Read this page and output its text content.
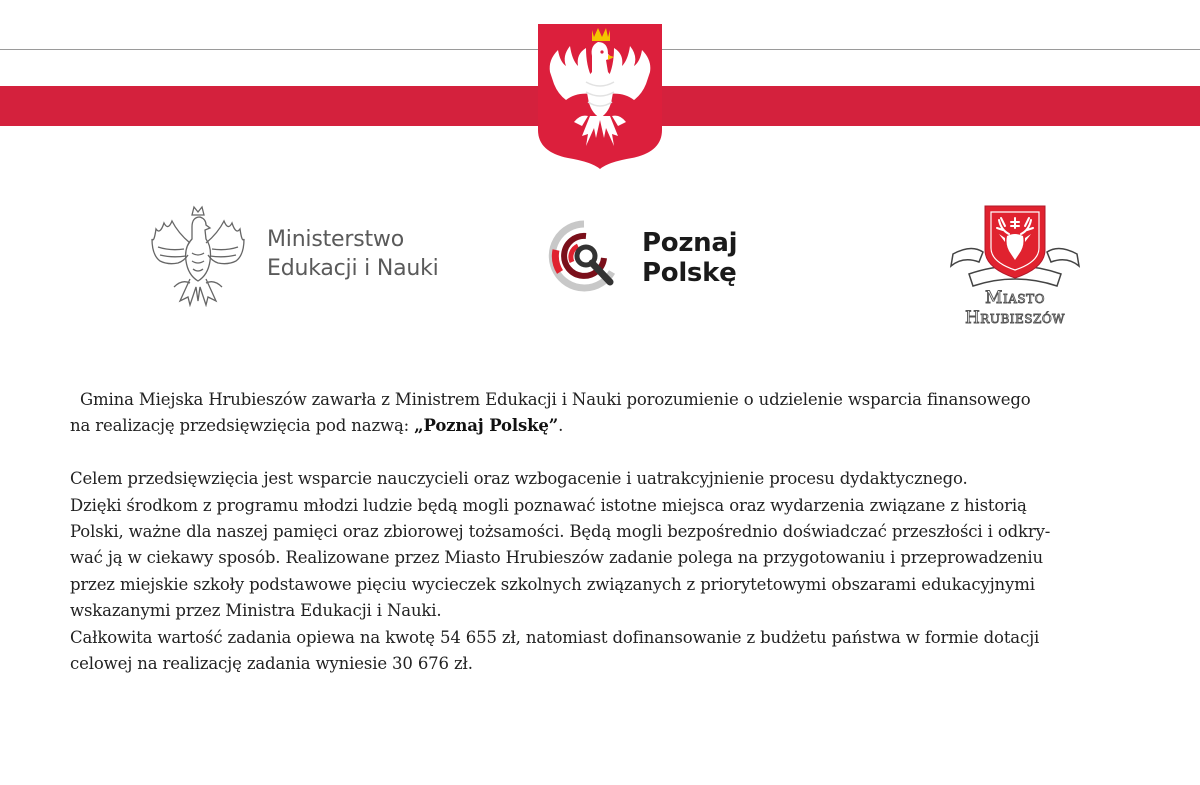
Ministerstwo
Edukacji i Nauki
Poznaj
Polskę
Miasto
Hrubieszów
Gmina Miejska Hrubieszów zawarła z Ministrem Edukacji i Nauki porozumienie o udzielenie wsparcia finansowego
na realizację przedsięwzięcia pod nazwą: „Poznaj Polskę”.
Celem przedsięwzięcia jest wsparcie nauczycieli oraz wzbogacenie i uatrakcyjnienie procesu dydaktycznego.
Dzięki środkom z programu młodzi ludzie będą mogli poznawać istotne miejsca oraz wydarzenia związane z historią
Polski, ważne dla naszej pamięci oraz zbiorowej tożsamości. Będą mogli bezpośrednio doświadczać przeszłości i odkry-
wać ją w ciekawy sposób. Realizowane przez Miasto Hrubieszów zadanie polega na przygotowaniu i przeprowadzeniu
przez miejskie szkoły podstawowe pięciu wycieczek szkolnych związanych z priorytetowymi obszarami edukacyjnymi
wskazanymi przez Ministra Edukacji i Nauki.
Całkowita wartość zadania opiewa na kwotę 54 655 zł, natomiast dofinansowanie z budżetu państwa w formie dotacji
celowej na realizację zadania wyniesie 30 676 zł.
